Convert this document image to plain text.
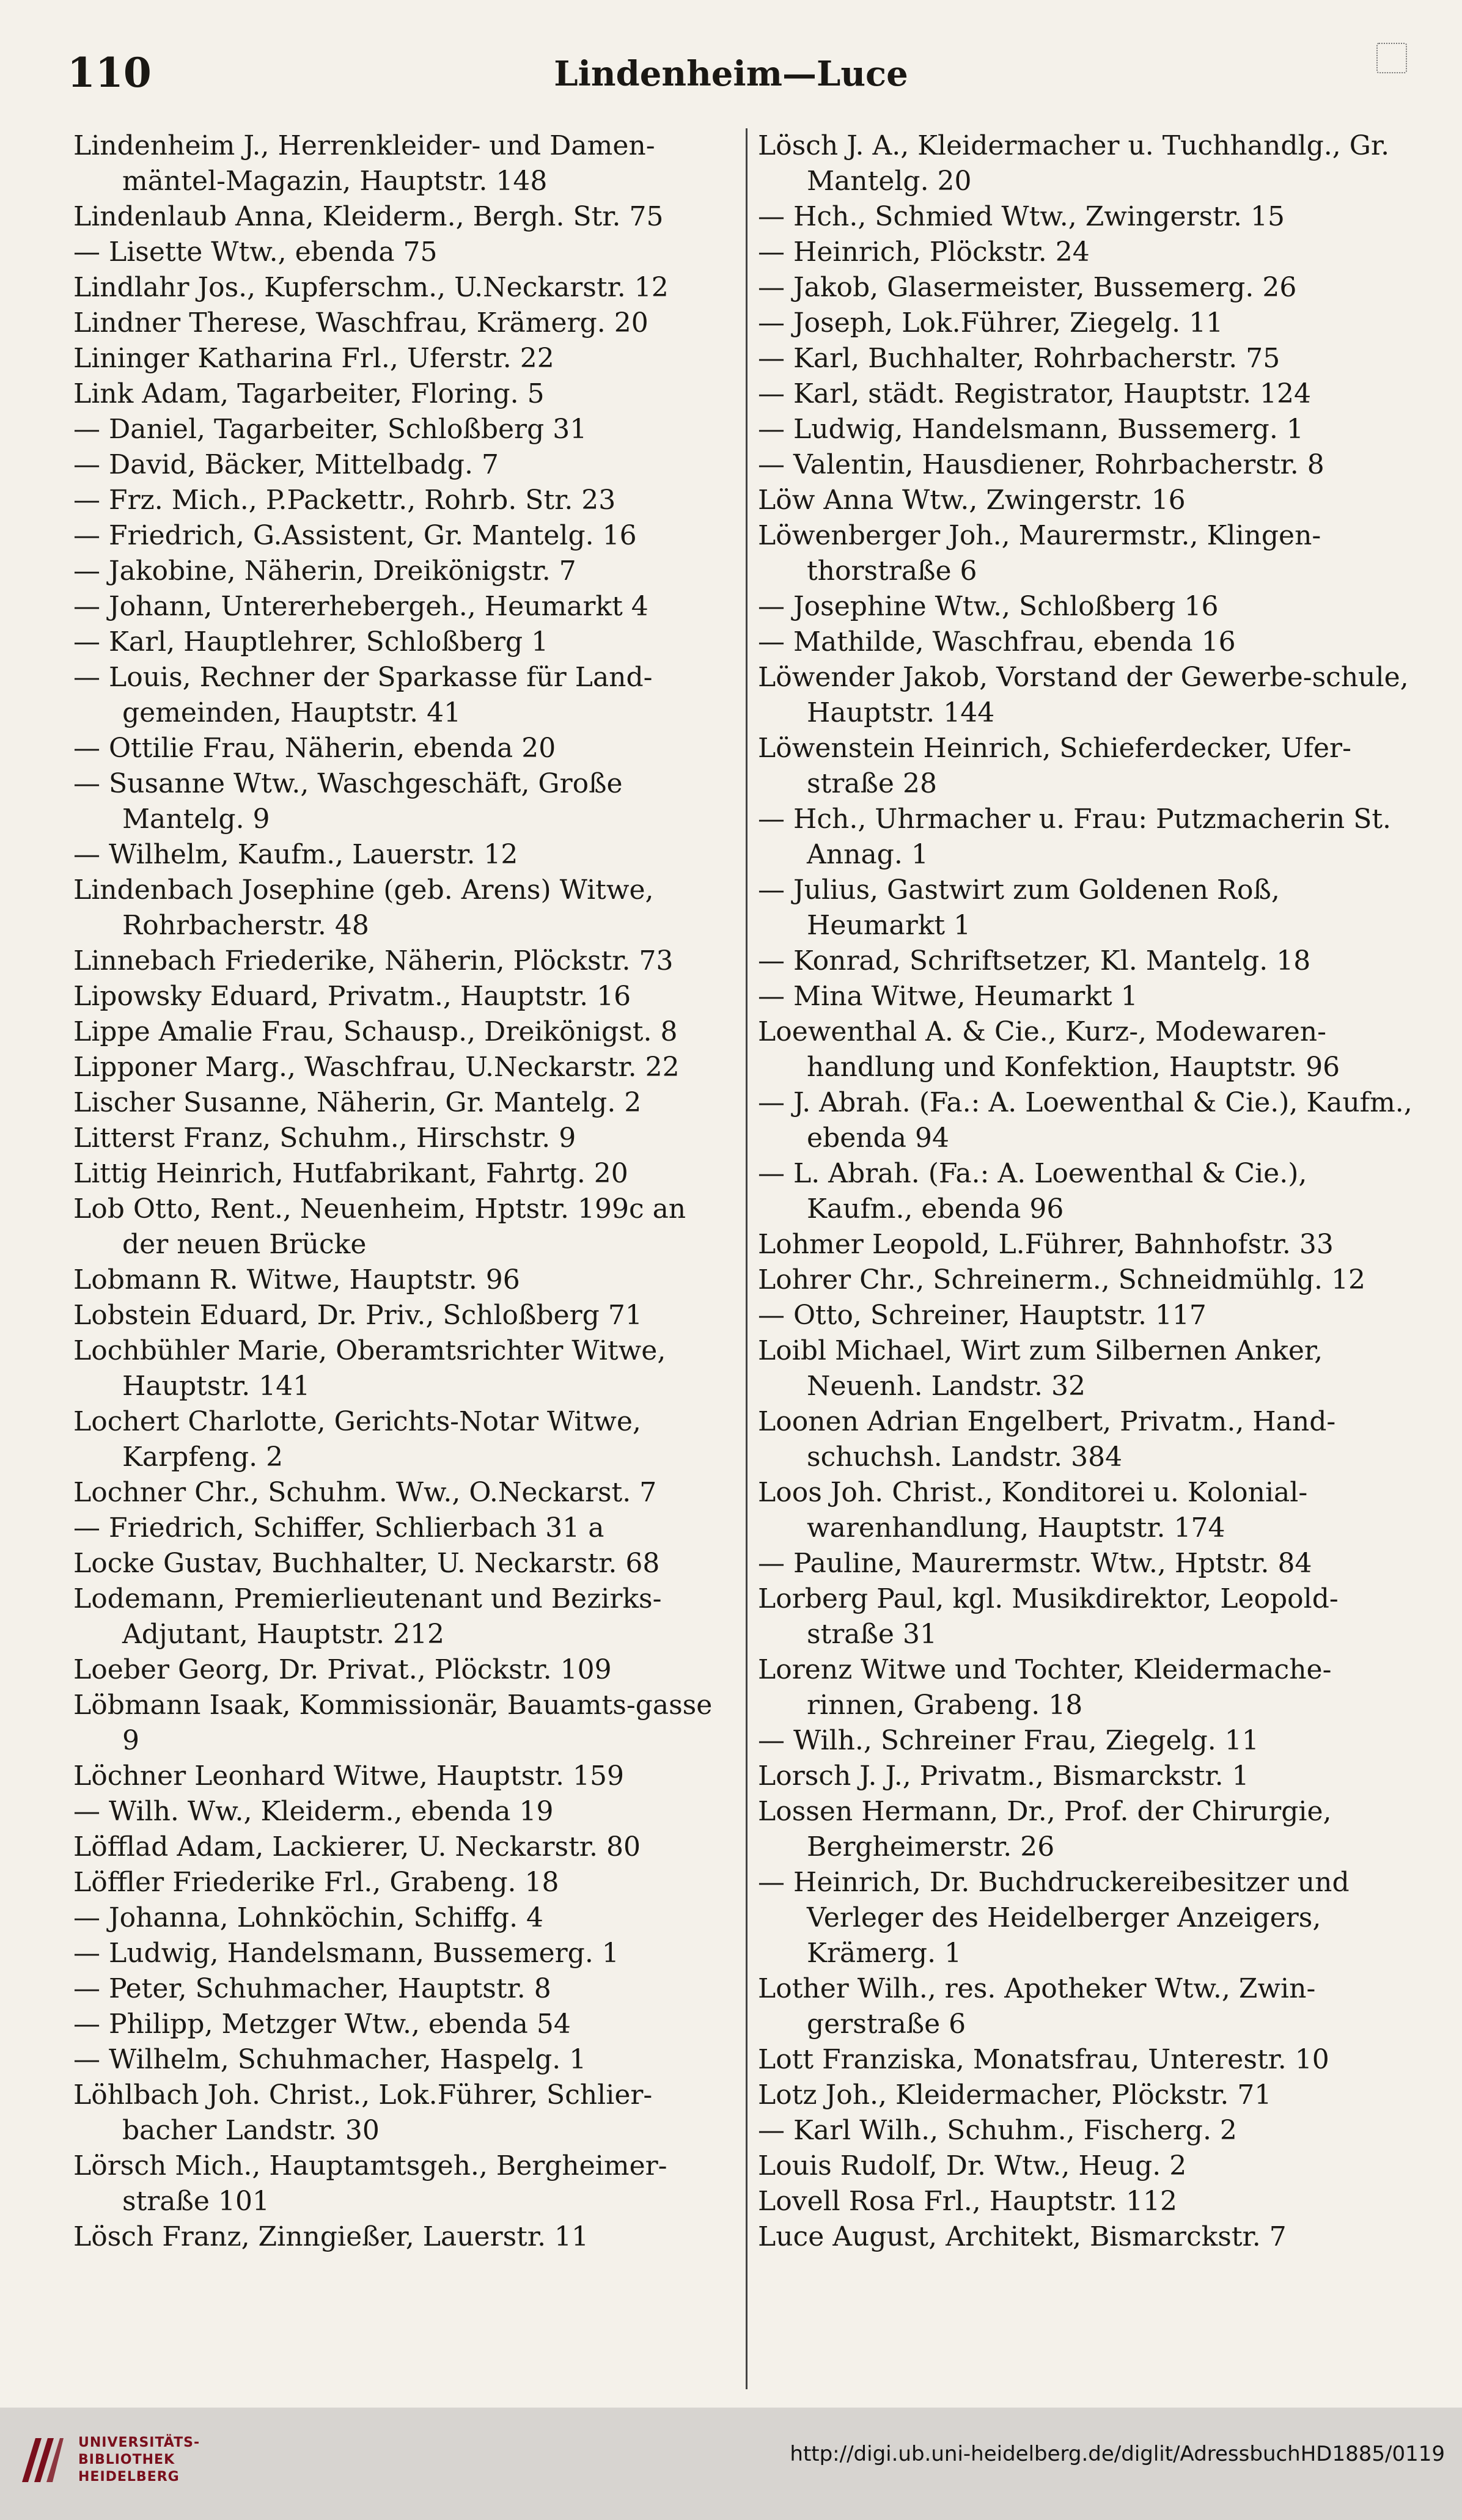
110	Lindenheim—Luce
Lindenheim J., Herrenkleider- und Damen-mäntel-Magazin, Hauptstr. 148
Lindenlaub Anna, Kleiderm., Bergh. Str. 75
— Lisette Wtw., ebenda 75
Lindlahr Jos., Kupferschm., U.Neckarstr. 12
Lindner Therese, Waschfrau, Krämerg. 20
Lininger Katharina Frl., Uferstr. 22
Link Adam, Tagarbeiter, Floring. 5
— Daniel, Tagarbeiter, Schloßberg 31
— David, Bäcker, Mittelbadg. 7
— Frz. Mich., P.Packettr., Rohrb. Str. 23
— Friedrich, G.Assistent, Gr. Mantelg. 16
— Jakobine, Näherin, Dreikönigstr. 7
— Johann, Untererhebergeh., Heumarkt 4
— Karl, Hauptlehrer, Schloßberg 1
— Louis, Rechner der Sparkasse für Land-gemeinden, Hauptstr. 41
— Ottilie Frau, Näherin, ebenda 20
— Susanne Wtw., Waschgeschäft, Große Mantelg. 9
— Wilhelm, Kaufm., Lauerstr. 12
Lindenbach Josephine (geb. Arens) Witwe, Rohrbacherstr. 48
Linnebach Friederike, Näherin, Plöckstr. 73
Lipowsky Eduard, Privatm., Hauptstr. 16
Lippe Amalie Frau, Schausp., Dreikönigst. 8
Lipponer Marg., Waschfrau, U.Neckarstr. 22
Lischer Susanne, Näherin, Gr. Mantelg. 2
Litterst Franz, Schuhm., Hirschstr. 9
Littig Heinrich, Hutfabrikant, Fahrtg. 20
Lob Otto, Rent., Neuenheim, Hptstr. 199c an der neuen Brücke
Lobmann R. Witwe, Hauptstr. 96
Lobstein Eduard, Dr. Priv., Schloßberg 71
Lochbühler Marie, Oberamtsrichter Witwe, Hauptstr. 141
Lochert Charlotte, Gerichts-Notar Witwe, Karpfeng. 2
Lochner Chr., Schuhm. Ww., O.Neckarst. 7
— Friedrich, Schiffer, Schlierbach 31 a
Locke Gustav, Buchhalter, U. Neckarstr. 68
Lodemann, Premierlieutenant und Bezirks-Adjutant, Hauptstr. 212
Loeber Georg, Dr. Privat., Plöckstr. 109
Löbmann Isaak, Kommissionär, Bauamts-gasse 9
Löchner Leonhard Witwe, Hauptstr. 159
— Wilh. Ww., Kleiderm., ebenda 19
Löfflad Adam, Lackierer, U. Neckarstr. 80
Löffler Friederike Frl., Grabeng. 18
— Johanna, Lohnköchin, Schiffg. 4
— Ludwig, Handelsmann, Bussemerg. 1
— Peter, Schuhmacher, Hauptstr. 8
— Philipp, Metzger Wtw., ebenda 54
— Wilhelm, Schuhmacher, Haspelg. 1
Löhlbach Joh. Christ., Lok.Führer, Schlier-bacher Landstr. 30
Lörsch Mich., Hauptamtsgeh., Bergheimer-straße 101
Lösch Franz, Zinngießer, Lauerstr. 11
Lösch J. A., Kleidermacher u. Tuchhandlg., Gr. Mantelg. 20
— Hch., Schmied Wtw., Zwingerstr. 15
— Heinrich, Plöckstr. 24
— Jakob, Glasermeister, Bussemerg. 26
— Joseph, Lok.Führer, Ziegelg. 11
— Karl, Buchhalter, Rohrbacherstr. 75
— Karl, städt. Registrator, Hauptstr. 124
— Ludwig, Handelsmann, Bussemerg. 1
— Valentin, Hausdiener, Rohrbacherstr. 8
Löw Anna Wtw., Zwingerstr. 16
Löwenberger Joh., Maurermstr., Klingen-thorstraße 6
— Josephine Wtw., Schloßberg 16
— Mathilde, Waschfrau, ebenda 16
Löwender Jakob, Vorstand der Gewerbe-schule, Hauptstr. 144
Löwenstein Heinrich, Schieferdecker, Ufer-straße 28
— Hch., Uhrmacher u. Frau: Putzmacherin St. Annag. 1
— Julius, Gastwirt zum Goldenen Roß, Heumarkt 1
— Konrad, Schriftsetzer, Kl. Mantelg. 18
— Mina Witwe, Heumarkt 1
Loewenthal A. & Cie., Kurz-, Modewaren-handlung und Konfektion, Hauptstr. 96
— J. Abrah. (Fa.: A. Loewenthal & Cie.), Kaufm., ebenda 94
— L. Abrah. (Fa.: A. Loewenthal & Cie.), Kaufm., ebenda 96
Lohmer Leopold, L.Führer, Bahnhofstr. 33
Lohrer Chr., Schreinerm., Schneidmühlg. 12
— Otto, Schreiner, Hauptstr. 117
Loibl Michael, Wirt zum Silbernen Anker, Neuenh. Landstr. 32
Loonen Adrian Engelbert, Privatm., Hand-schuchsh. Landstr. 384
Loos Joh. Christ., Konditorei u. Kolonial-warenhandlung, Hauptstr. 174
— Pauline, Maurermstr. Wtw., Hptstr. 84
Lorberg Paul, kgl. Musikdirektor, Leopold-straße 31
Lorenz Witwe und Tochter, Kleidermache-rinnen, Grabeng. 18
— Wilh., Schreiner Frau, Ziegelg. 11
Lorsch J. J., Privatm., Bismarckstr. 1
Lossen Hermann, Dr., Prof. der Chirurgie, Bergheimerstr. 26
— Heinrich, Dr. Buchdruckereibesitzer und Verleger des Heidelberger Anzeigers, Krämerg. 1
Lother Wilh., res. Apotheker Wtw., Zwin-gerstraße 6
Lott Franziska, Monatsfrau, Unterestr. 10
Lotz Joh., Kleidermacher, Plöckstr. 71
— Karl Wilh., Schuhm., Fischerg. 2
Louis Rudolf, Dr. Wtw., Heug. 2
Lovell Rosa Frl., Hauptstr. 112
Luce August, Architekt, Bismarckstr. 7
UNIVERSITÄTS-
BIBLIOTHEK
HEIDELBERG
http://digi.ub.uni-heidelberg.de/diglit/AdressbuchHD1885/0119
